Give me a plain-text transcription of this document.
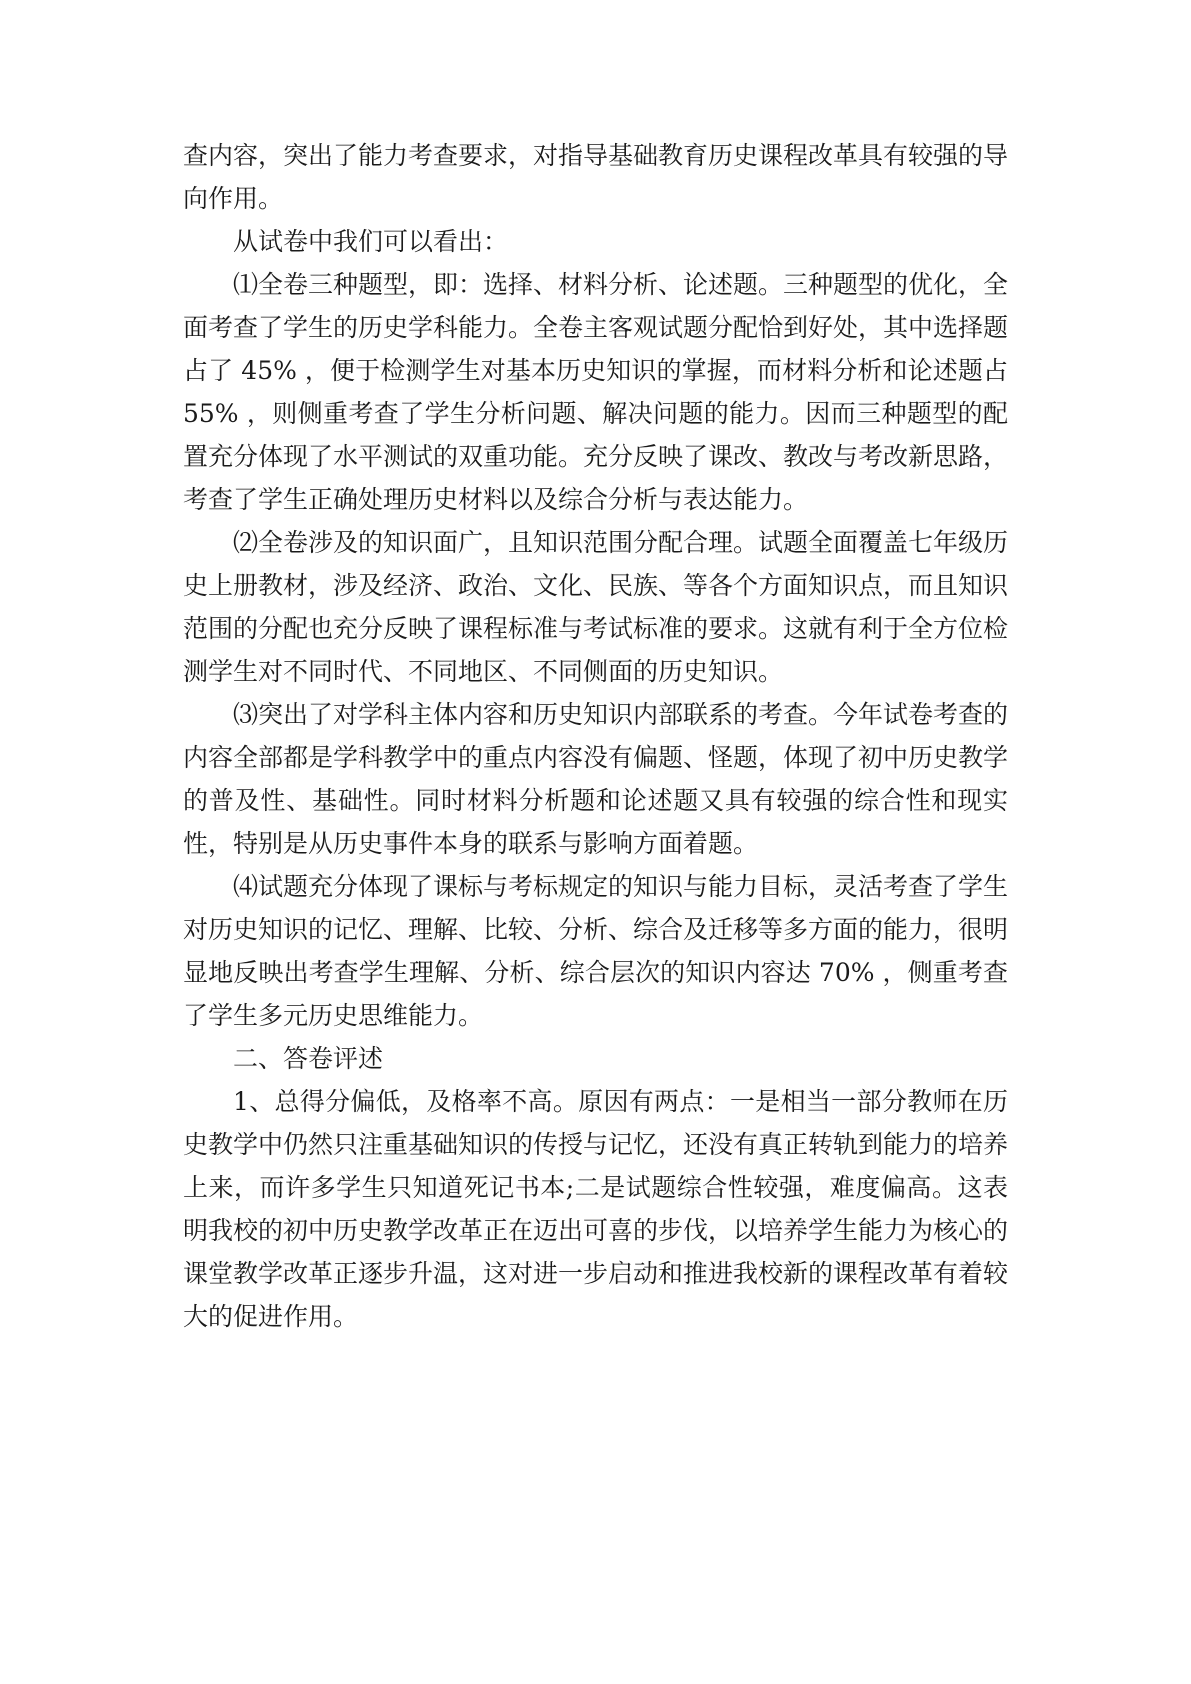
查内容，突出了能力考查要求，对指导基础教育历史课程改革具有较强的导向作用。

从试卷中我们可以看出：

⑴全卷三种题型，即：选择、材料分析、论述题。三种题型的优化，全面考查了学生的历史学科能力。全卷主客观试题分配恰到好处，其中选择题占了 45% ，便于检测学生对基本历史知识的掌握，而材料分析和论述题占 55% ，则侧重考查了学生分析问题、解决问题的能力。因而三种题型的配置充分体现了水平测试的双重功能。充分反映了课改、教改与考改新思路，考查了学生正确处理历史材料以及综合分析与表达能力。

⑵全卷涉及的知识面广，且知识范围分配合理。试题全面覆盖七年级历史上册教材，涉及经济、政治、文化、民族、等各个方面知识点，而且知识范围的分配也充分反映了课程标准与考试标准的要求。这就有利于全方位检测学生对不同时代、不同地区、不同侧面的历史知识。

⑶突出了对学科主体内容和历史知识内部联系的考查。今年试卷考查的内容全部都是学科教学中的重点内容没有偏题、怪题，体现了初中历史教学的普及性、基础性。同时材料分析题和论述题又具有较强的综合性和现实性，特别是从历史事件本身的联系与影响方面着题。

⑷试题充分体现了课标与考标规定的知识与能力目标，灵活考查了学生对历史知识的记忆、理解、比较、分析、综合及迁移等多方面的能力，很明显地反映出考查学生理解、分析、综合层次的知识内容达 70% ，侧重考查了学生多元历史思维能力。

二、答卷评述

1、总得分偏低，及格率不高。原因有两点：一是相当一部分教师在历史教学中仍然只注重基础知识的传授与记忆，还没有真正转轨到能力的培养上来，而许多学生只知道死记书本;二是试题综合性较强，难度偏高。这表明我校的初中历史教学改革正在迈出可喜的步伐，以培养学生能力为核心的课堂教学改革正逐步升温，这对进一步启动和推进我校新的课程改革有着较大的促进作用。
